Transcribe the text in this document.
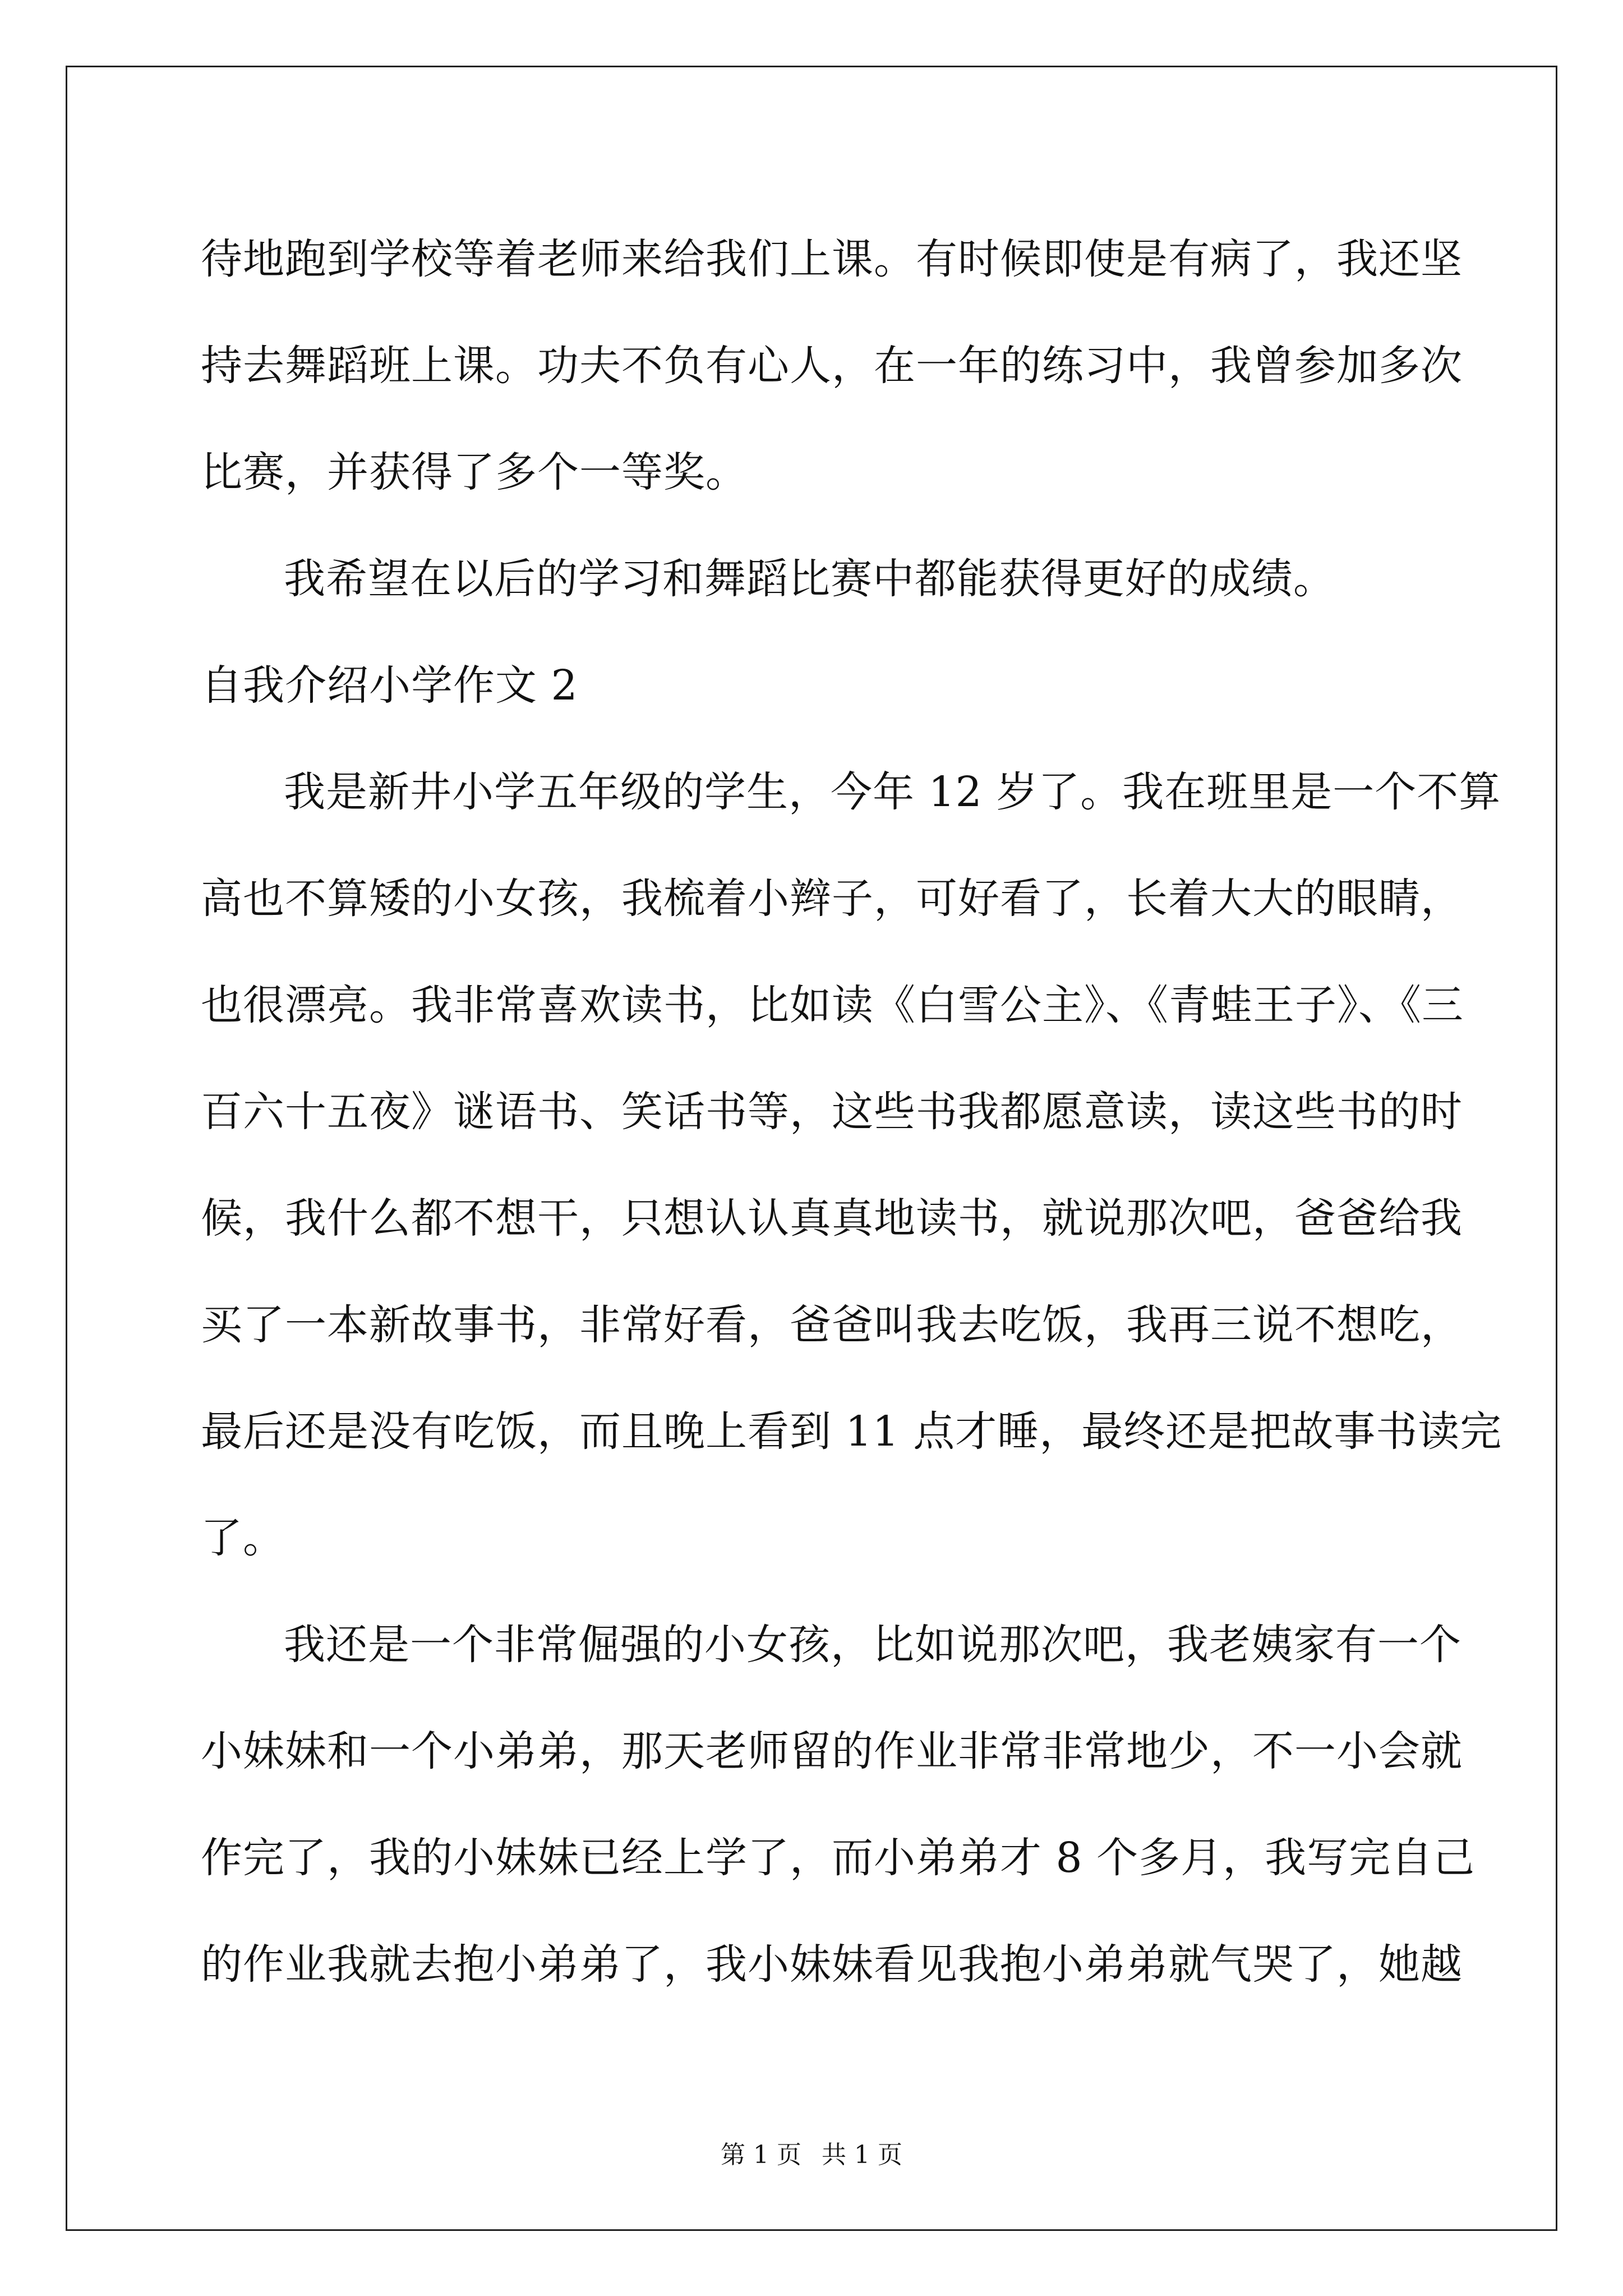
待地跑到学校等着老师来给我们上课。有时候即使是有病了，我还坚
持去舞蹈班上课。功夫不负有心人，在一年的练习中，我曾参加多次
比赛，并获得了多个一等奖。
我希望在以后的学习和舞蹈比赛中都能获得更好的成绩。
自我介绍小学作文 2
我是新井小学五年级的学生，今年 12 岁了。我在班里是一个不算
高也不算矮的小女孩，我梳着小辫子，可好看了，长着大大的眼睛，
也很漂亮。我非常喜欢读书，比如读《白雪公主》、《青蛙王子》、《三
百六十五夜》谜语书、笑话书等，这些书我都愿意读，读这些书的时
候，我什么都不想干，只想认认真真地读书，就说那次吧，爸爸给我
买了一本新故事书，非常好看，爸爸叫我去吃饭，我再三说不想吃，
最后还是没有吃饭，而且晚上看到 11 点才睡，最终还是把故事书读完
了。
我还是一个非常倔强的小女孩，比如说那次吧，我老姨家有一个
小妹妹和一个小弟弟，那天老师留的作业非常非常地少，不一小会就
作完了，我的小妹妹已经上学了，而小弟弟才 8 个多月，我写完自己
的作业我就去抱小弟弟了，我小妹妹看见我抱小弟弟就气哭了，她越
第 1 页 共 1 页
